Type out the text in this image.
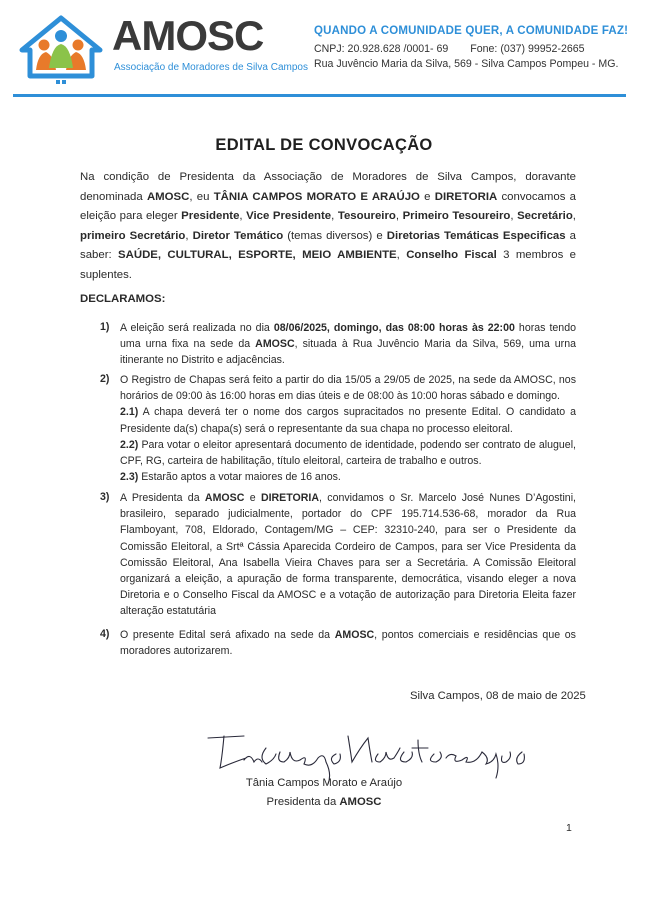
AMOSC
Associação de Moradores de Silva Campos
QUANDO A COMUNIDADE QUER, A COMUNIDADE FAZ!
CNPJ: 20.928.628 /0001- 69 Fone: (037) 99952-2665
Rua Juvêncio Maria da Silva, 569 - Silva Campos Pompeu - MG.
EDITAL DE CONVOCAÇÃO

Na condição de Presidenta da Associação de Moradores de Silva Campos, doravante denominada AMOSC, eu TÂNIA CAMPOS MORATO E ARAÚJO e DIRETORIA convocamos a eleição para eleger Presidente, Vice Presidente, Tesoureiro, Primeiro Tesoureiro, Secretário, primeiro Secretário, Diretor Temático (temas diversos) e Diretorias Temáticas Especificas a saber: SAÚDE, CULTURAL, ESPORTE, MEIO AMBIENTE, Conselho Fiscal 3 membros e suplentes.

DECLARAMOS:

1) A eleição será realizada no dia 08/06/2025, domingo, das 08:00 horas às 22:00 horas tendo uma urna fixa na sede da AMOSC, situada à Rua Juvêncio Maria da Silva, 569, uma urna itinerante no Distrito e adjacências.

2) O Registro de Chapas será feito a partir do dia 15/05 a 29/05 de 2025, na sede da AMOSC, nos horários de 09:00 às 16:00 horas em dias úteis e de 08:00 às 10:00 horas sábado e domingo.
2.1) A chapa deverá ter o nome dos cargos supracitados no presente Edital. O candidato a Presidente da(s) chapa(s) será o representante da sua chapa no processo eleitoral.
2.2) Para votar o eleitor apresentará documento de identidade, podendo ser contrato de aluguel, CPF, RG, carteira de habilitação, título eleitoral, carteira de trabalho e outros.
2.3) Estarão aptos a votar maiores de 16 anos.

3) A Presidenta da AMOSC e DIRETORIA, convidamos o Sr. Marcelo José Nunes D’Agostini, brasileiro, separado judicialmente, portador do CPF 195.714.536-68, morador da Rua Flamboyant, 708, Eldorado, Contagem/MG – CEP: 32310-240, para ser o Presidente da Comissão Eleitoral, a Srtª Cássia Aparecida Cordeiro de Campos, para ser Vice Presidenta da Comissão Eleitoral, Ana Isabella Vieira Chaves para ser a Secretária. A Comissão Eleitoral organizará a eleição, a apuração de forma transparente, democrática, visando eleger a nova Diretoria e o Conselho Fiscal da AMOSC e a votação de autorização para Diretoria Eleita fazer alteração estatutária

4) O presente Edital será afixado na sede da AMOSC, pontos comerciais e residências que os moradores autorizarem.

Silva Campos, 08 de maio de 2025
Tânia Campos Morato e Araújo
Presidenta da AMOSC
1
